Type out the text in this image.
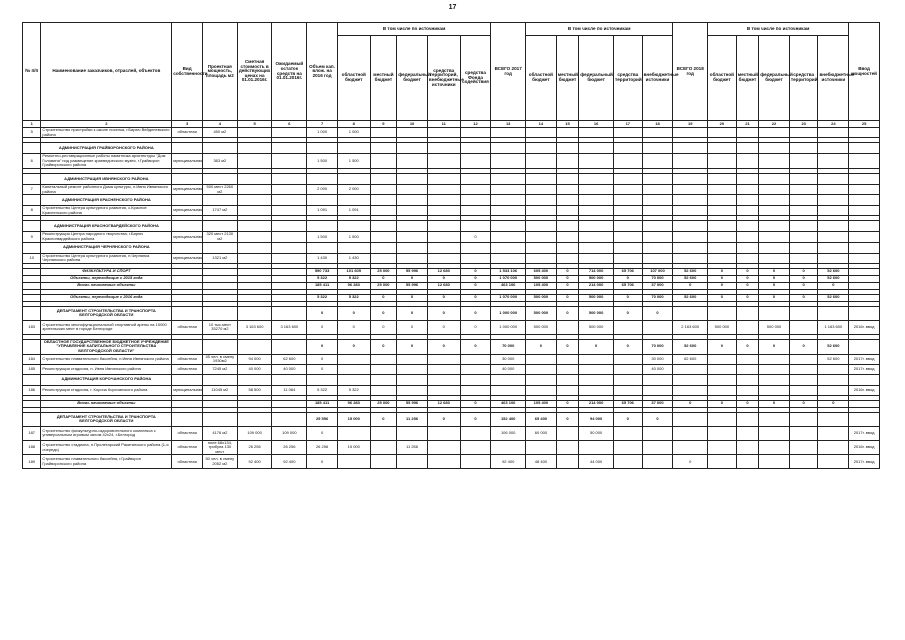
17
№ п/п	Наименование заказчиков, отраслей, объектов	Вид собственности	Проектная мощность, площадь м2	Сметная стоимость в действующих ценах на 01.01.2016г.	Ожидаемый остаток средств на 01.01.2016г.	Объем кап. влож. на 2016 год	В том числе по источникам					ВСЕГО 2017 год	В том числе по источникам					ВСЕГО 2018 год	В том числе по источникам					Ввод мощностей
							областной бюджет	местный бюджет	федеральный бюджет	средства территорий, внебюджетные источники	средства Фонда содействия		областной бюджет	местный бюджет	федеральный бюджет	средства территорий	внебюджетные источники		областной бюджет	местный бюджет	федеральный бюджет	средства территорий	внебюджетные источники	
1	2	3	4	5	6	7	8	9	10	11	12	13	14	15	16	17	18	19	20	21	22	23	24	25
5	Строительство пристройки к школе поселка, г.Бирюч Вейделевского района	областная	450 м2			1 000	1 000																	

	АДМИНИСТРАЦИЯ ГРАЙВОРОНСКОГО РАЙОНА																							
6	Ремонтно-реставрационные работы памятника архитектуры "Дом Головина" под размещение краеведческого музея, г.Грайворон Грайворонского района	муниципальная	363 м2			1 500	1 500																	

	АДМИНИСТРАЦИЯ ИВНЯНСКОГО РАЙОНА																							
7	Капитальный ремонт районного Дома культуры, п.Ивня Ивнянского района	муниципальная	500 мест 2260 м2			2 000	2 000																	
	АДМИНИСТРАЦИЯ КРАСНЕНСКОГО РАЙОНА																							
8	Строительство Центра культурного развития, с.Красное Красненского района	муниципальная	1747 м2			1 091	1 091																	

	АДМИНИСТРАЦИЯ КРАСНОГВАРДЕЙСКОГО РАЙОНА																							
9	Реконструкция Центра народного творчества, г.Бирюч Красногвардейского района	муниципальная	320 мест 2130 м2			1 500	1 500				0													
	АДМИНИСТРАЦИЯ ЧЕРНЯНСКОГО РАЙОНА																							
10	Строительство Центра культурного развития, п.Чернянка Чернянского района	муниципальная	1321 м2			1 430	1 430																	

	ФИЗКУЛЬТУРА И СПОРТ					590 733	101 605	25 000	55 996	12 680	0	1 533 106	605 400	0	714 000	65 706	107 000	52 600	0	0	0	0	52 600	
	Объекты, переходящие с 2015 года					5 322	5 322	0	0	0	0	1 070 000	500 000	0	500 000	0	70 000	52 600	0	0	0	0	52 600	
	Вновь начинаемые объекты					185 411	96 283	25 000	55 996	12 680	0	463 106	105 400	0	214 000	65 706	37 000	0	0	0	0	0	0	

	Объекты, переходящие с 2016 года					5 322	5 322	0	0	0	0	1 070 000	500 000	0	500 000	0	70 000	52 600	0	0	0	0	52 600	

	ДЕПАРТАМЕНТ СТРОИТЕЛЬСТВА И ТРАНСПОРТА БЕЛГОРОДСКОЙ ОБЛАСТИ					0	0	0	0	0	0	1 000 000	500 000	0	500 000	0	0							
183	Строительство многофункциональной спортивной арены на 10000 зрительских мест в городе Белгороде	областная	10 тыс.мест 33270 м2	3 163 600	3 163 600	0	0	0	0	0	0	1 000 000	500 000		500 000			2 163 600	500 000		500 000		1 163 600	2016г. ввод

	ОБЛАСТНОЕ ГОСУДАРСТВЕННОЕ БЮДЖЕТНОЕ УЧРЕЖДЕНИЕ "УПРАВЛЕНИЕ КАПИТАЛЬНОГО СТРОИТЕЛЬСТВА БЕЛГОРОДСКОЙ ОБЛАСТИ"					0	0	0	0	0	0	70 000	0	0	0	0	70 000	52 600	0	0	0	0	52 600	
184	Строительство плавательного бассейна, п.Ивня Ивнянского района	областная	45 чел. в смену 1930м2	94 000	62 600	0						30 000					30 000	62 600					52 600	2017г. ввод
185	Реконструкция стадиона, п. Ивня Ивнянского района	областная	7245 м2	40 000	40 000	0						40 000					40 000							2017г. ввод
	АДМИНИСТРАЦИЯ КОРОЧАНСКОГО РАЙОНА																							
186	Реконструкция стадиона, г. Короча Корочанского района	муниципальная	11045 м2	58 500	11 064	5 322	5 322																	2016г. ввод

	Вновь начинаемые объекты					185 411	96 283	25 000	55 996	12 680	0	463 106	105 400	0	214 000	65 706	37 000	0	0	0	0	0	0	

	ДЕПАРТАМЕНТ СТРОИТЕЛЬСТВА И ТРАНСПОРТА БЕЛГОРОДСКОЙ ОБЛАСТИ					25 556	15 000	0	11 256	0	0	152 400	65 400	0	94 000	0	0							
187	Строительство физкультурно-оздоровительного комплекса с универсальным игровым залом 42x24, г.Белгород	областная	4176 м2	109 000	109 000	0						106 000	60 000		50 000									2017г. ввод
188	Строительство стадиона, п.Пролетарский Ракитянского района (1-я очередь)	областная	поле 68x134, трибуна 130 мест	26 256	26 256	26 256	15 000		11 256															2016г. ввод
189	Строительство плавательного бассейна, г.Грайворон Грайворонского района	областная	50 чел. в смену 2052 м2	92 400	92 400	0						92 400	48 400		44 000			0						2017г. ввод
